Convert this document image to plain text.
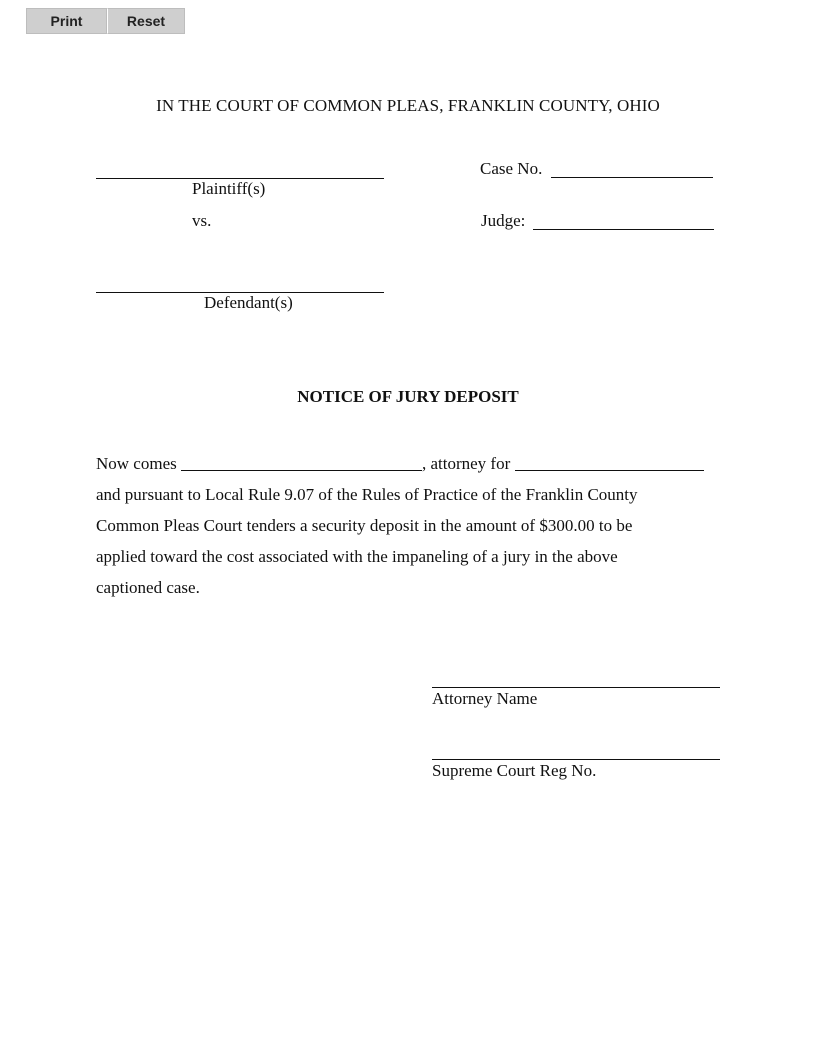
Print	Reset
IN THE COURT OF COMMON PLEAS, FRANKLIN COUNTY, OHIO
Plaintiff(s)
vs.
Defendant(s)
Case No.
Judge:
NOTICE OF JURY DEPOSIT
Now comes	, attorney for
and pursuant to Local Rule 9.07 of the Rules of Practice of the Franklin County
Common Pleas Court tenders a security deposit in the amount of $300.00 to be
applied toward the cost associated with the impaneling of a jury in the above
captioned case.
Attorney Name
Supreme Court Reg No.
